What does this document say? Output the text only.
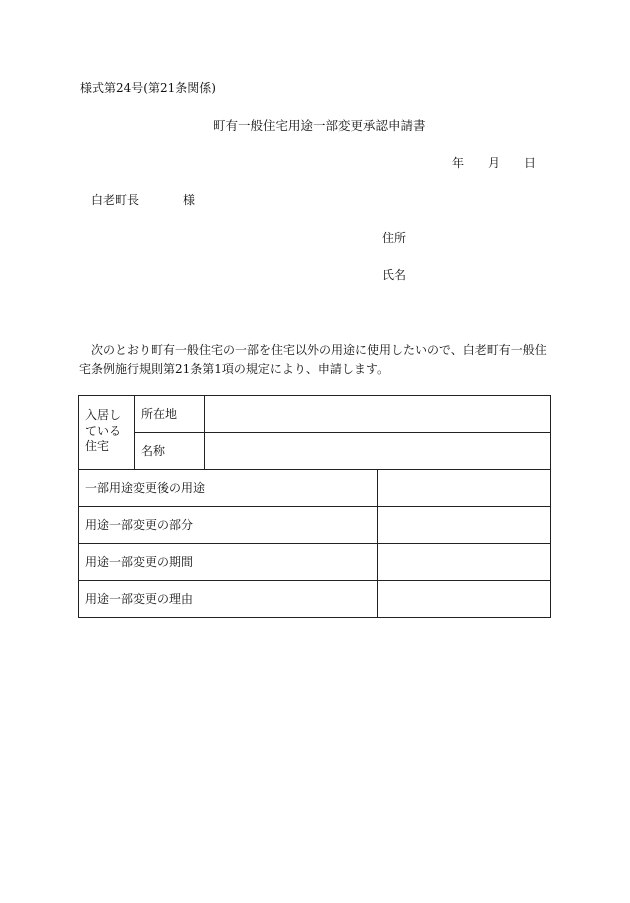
様式第24号(第21条関係)
町有一般住宅用途一部変更承認申請書
年 月 日
白老町長	様
住所
氏名
　次のとおり町有一般住宅の一部を住宅以外の用途に使用したいので、白老町有一般住宅条例施行規則第21条第1項の規定により、申請します。
入居し
ている
住宅	所在地		
	名称		
一部用途変更後の用途			
用途一部変更の部分			
用途一部変更の期間			
用途一部変更の理由			
